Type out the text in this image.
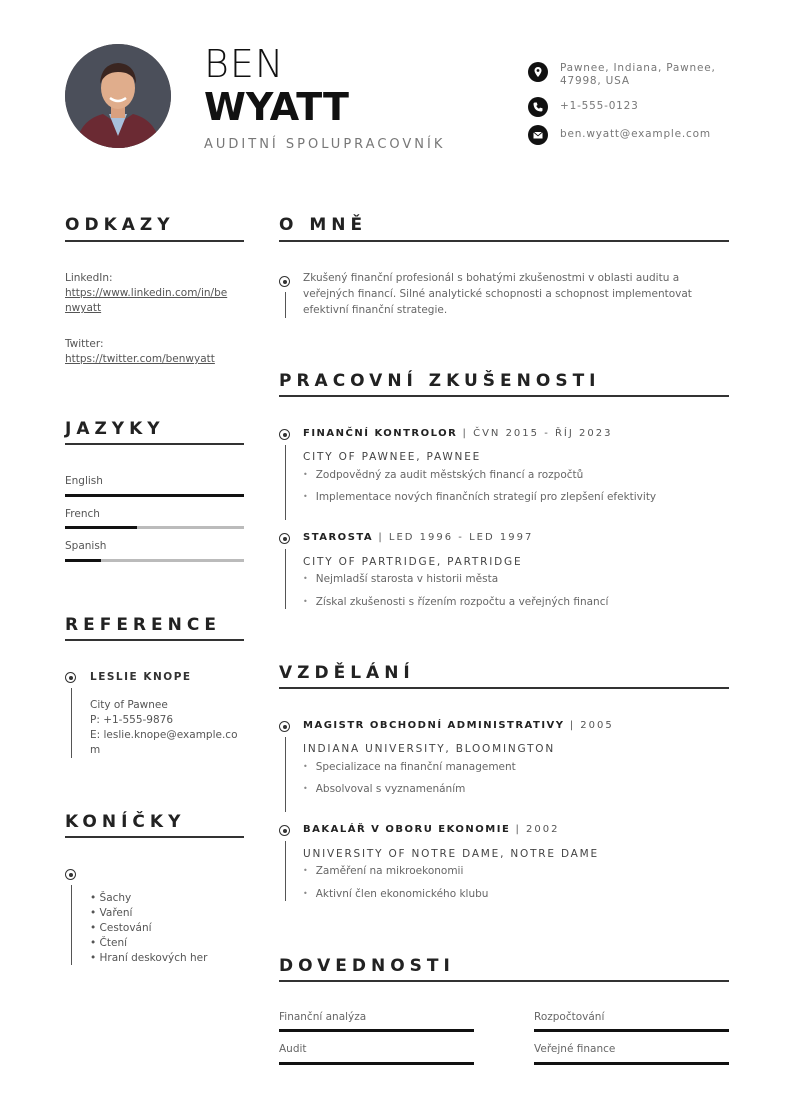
BEN
WYATT
AUDITNÍ SPOLUPRACOVNÍK
Pawnee, Indiana, Pawnee, 47998, USA
+1-555-0123
ben.wyatt@example.com
ODKAZY
LinkedIn:
https://www.linkedin.com/in/be
nwyatt
Twitter:
https://twitter.com/benwyatt
JAZYKY
English
French
Spanish
REFERENCE
LESLIE KNOPE
City of Pawnee
P: +1-555-9876
E: leslie.knope@example.co
m
KONÍČKY
• Šachy
• Vaření
• Cestování
• Čtení
• Hraní deskových her
O MNĚ
Zkušený finanční profesionál s bohatými zkušenostmi v oblasti auditu a
veřejných financí. Silné analytické schopnosti a schopnost implementovat
efektivní finanční strategie.
PRACOVNÍ ZKUŠENOSTI
FINANČNÍ KONTROLOR | ČVN 2015 - ŘÍJ 2023
CITY OF PAWNEE, PAWNEE
• Zodpovědný za audit městských financí a rozpočtů
• Implementace nových finančních strategií pro zlepšení efektivity
STAROSTA | LED 1996 - LED 1997
CITY OF PARTRIDGE, PARTRIDGE
• Nejmladší starosta v historii města
• Získal zkušenosti s řízením rozpočtu a veřejných financí
VZDĚLÁNÍ
MAGISTR OBCHODNÍ ADMINISTRATIVY | 2005
INDIANA UNIVERSITY, BLOOMINGTON
• Specializace na finanční management
• Absolvoval s vyznamenáním
BAKALÁŘ V OBORU EKONOMIE | 2002
UNIVERSITY OF NOTRE DAME, NOTRE DAME
• Zaměření na mikroekonomii
• Aktivní člen ekonomického klubu
DOVEDNOSTI
Finanční analýza	Rozpočtování
Audit	Veřejné finance
